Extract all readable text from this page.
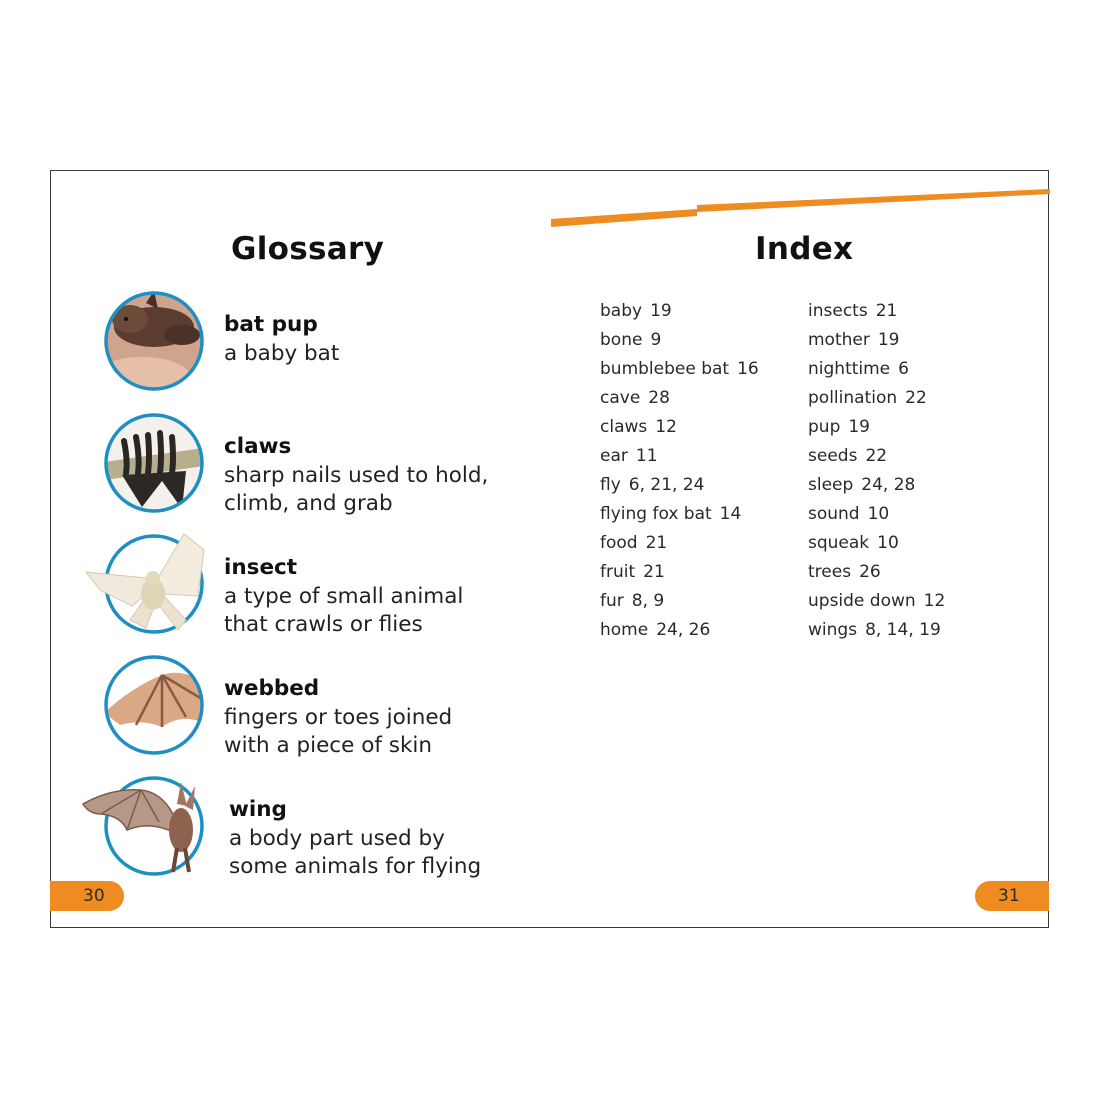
Glossary
bat pup
a baby bat
claws
sharp nails used to hold, climb, and grab
insect
a type of small animal that crawls or flies
webbed
fingers or toes joined with a piece of skin
wing
a body part used by some animals for flying
30
Index
baby 19
bone 9
bumblebee bat 16
cave 28
claws 12
ear 11
fly 6, 21, 24
flying fox bat 14
food 21
fruit 21
fur 8, 9
home 24, 26
insects 21
mother 19
nighttime 6
pollination 22
pup 19
seeds 22
sleep 24, 28
sound 10
squeak 10
trees 26
upside down 12
wings 8, 14, 19
31
